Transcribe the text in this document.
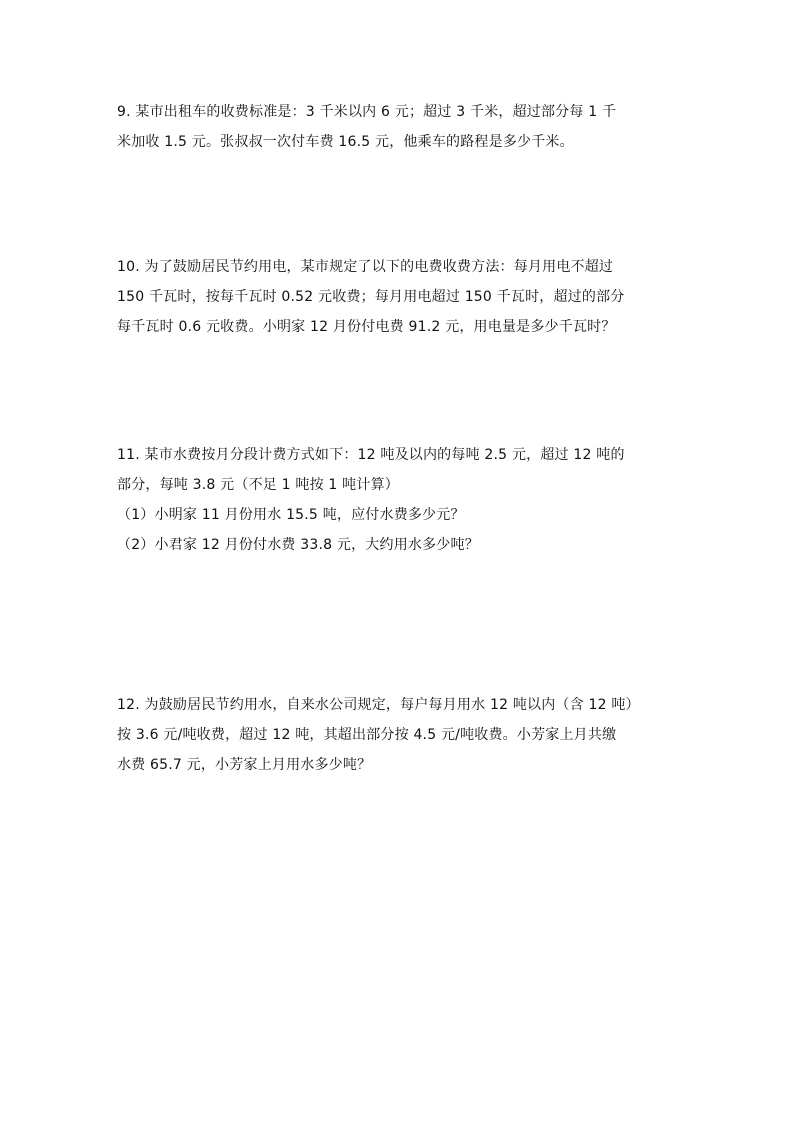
9. 某市出租车的收费标准是：3 千米以内 6 元；超过 3 千米，超过部分每 1 千
米加收 1.5 元。张叔叔一次付车费 16.5 元，他乘车的路程是多少千米。
10. 为了鼓励居民节约用电，某市规定了以下的电费收费方法：每月用电不超过
150 千瓦时，按每千瓦时 0.52 元收费；每月用电超过 150 千瓦时，超过的部分
每千瓦时 0.6 元收费。小明家 12 月份付电费 91.2 元，用电量是多少千瓦时？
11. 某市水费按月分段计费方式如下：12 吨及以内的每吨 2.5 元，超过 12 吨的
部分，每吨 3.8 元（不足 1 吨按 1 吨计算）
（1）小明家 11 月份用水 15.5 吨，应付水费多少元？
（2）小君家 12 月份付水费 33.8 元，大约用水多少吨？
12. 为鼓励居民节约用水，自来水公司规定，每户每月用水 12 吨以内（含 12 吨）
按 3.6 元/吨收费，超过 12 吨，其超出部分按 4.5 元/吨收费。小芳家上月共缴
水费 65.7 元，小芳家上月用水多少吨？
